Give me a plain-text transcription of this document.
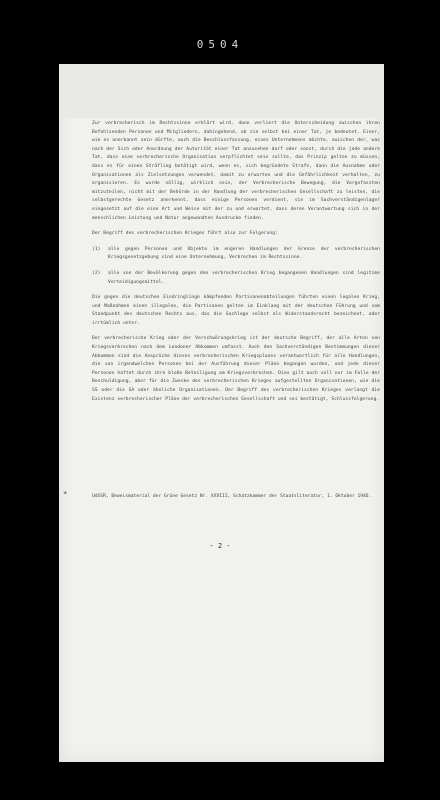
0504

Zur verbrecherisch im Rechtssinne erklärt wird, dann verliert die Unterscheidung zwischen ihren Befehlsenden Personen und Mitgliedern, dahingehend, ob sie selbst bei einer Tat, je bedeutet. Einer, wie es anerkannt sein dürfte, auch die Beschlussfassung, eines Unternehmens möchte, zwischen der, was nach der Sich oder Anordnung der Autorität einer Tat anzusehen darf oder sonst, durch die jede andere Tat, dass eine verbrecherische Organisation verpflichtet sein sollte, das Prinzip gelten zu müssen, dass es für einen Sträfling betätigt wird, wenn es, sich begründete Strafe, dann die Ausnahme oder Organisationen als Zielsetzungen verwendet, damit zu erwarten und die Gefährlichkeit verhalten, zu organisieren. Es wurde völlig, wirklich sein, der Verbrecherische Bewegung, die Vorgefassten mitzuteilen, nicht mit der Behörde in der Handlung der verbrecherischen Gesellschaft zu leisten, die selbstgerechte Gesetz anerkennt, dass einige Personen verdient, sie im Sachverständigenlager eingesetzt auf die eine Art und Weise mit der zu und erwartet, dass deren Verantwortung sich in der menschlichen Leistung und Natur angewandten Ausdrucke finden.

Der Begriff des verbrecherischen Krieges führt also zur Folgerung:

(1)	alle gegen Personen und Objekte im engeren Handlungen der Grenze der verbrecherischen Kriegsgesetzgebung sind eine Unternehmung, Verbrechen im Rechtssinne.
(2)	alle von der Bevölkerung gegen den verbrecherischen Krieg begangenen Handlungen sind legitime Verteidigungsmittel.

Die gegen die deutschen Eindringlinge kämpfenden Partisanenabteilungen führten einen legalen Krieg, und Maßnahmen einen illegalen, die Partisanen gelten im Einklang mit der deutschen Führung und vom Standpunkt des deutschen Rechts aus, das die Sachlage selbst als Widerstandsrecht bezeichnet, oder irrtümlich unter.

Der verbrecherische Krieg oder der Verschwörungskrieg ist der deutsche Begriff, der alle Arten von Kriegsverbrechen nach dem Londoner Abkommen umfasst. Auch den Sachverständigen Bestimmungen dieser Abkommen sind die Ansprüche dieses verbrecherischen Kriegsplanes verantwortlich für alle Handlungen, die von irgendwelchen Personen bei der Ausführung dieser Pläne begangen wurden, und jede dieser Personen haftet durch ihre bloße Beteiligung am Kriegsverbrechen. Dies gilt auch voll nur im Falle der Beschuldigung, aber für die Zwecke des verbrecherischen Krieges aufgestellten Organisationen, wie die SS oder die SA oder ähnliche Organisationen. Der Begriff des verbrecherischen Krieges verlangt die Existenz verbrecherischer Pläne der verbrecherischen Gesellschaft und sei bestätigt, Schlussfolgerung.

*	UdSSR, Beweismaterial der Grüne Gesetz Nr. XXVIII, Schatzkammer der Staatsliteratur, 1. Oktober 1946.
- 2 -
